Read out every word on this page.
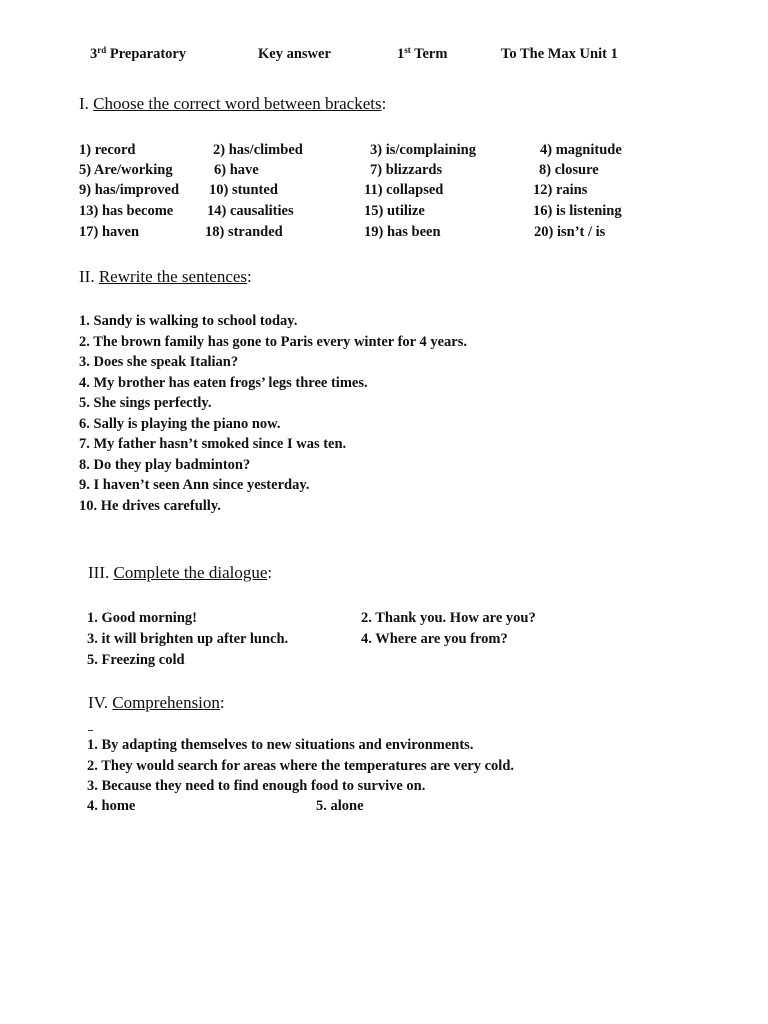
3rd Preparatory	Key answer	1st Term	To The Max Unit 1
I. Choose the correct word between brackets:
1) record	2) has/climbed	3) is/complaining	4) magnitude
5) Are/working	6) have	7) blizzards	8) closure
9) has/improved 10) stunted	11) collapsed	12) rains
13) has become 14) causalities	15) utilize	16) is listening
17) haven	18) stranded	19) has been	20) isn’t / is
II. Rewrite the sentences:
1. Sandy is walking to school today.
2. The brown family has gone to Paris every winter for 4 years.
3. Does she speak Italian?
4. My brother has eaten frogs’ legs three times.
5. She sings perfectly.
6. Sally is playing the piano now.
7. My father hasn’t smoked since I was ten.
8. Do they play badminton?
9. I haven’t seen Ann since yesterday.
10. He drives carefully.
III. Complete the dialogue:
1. Good morning!	2. Thank you. How are you?
3. it will brighten up after lunch.	4. Where are you from?
5. Freezing cold
IV. Comprehension:
1. By adapting themselves to new situations and environments.
2. They would search for areas where the temperatures are very cold.
3. Because they need to find enough food to survive on.
4. home	5. alone
